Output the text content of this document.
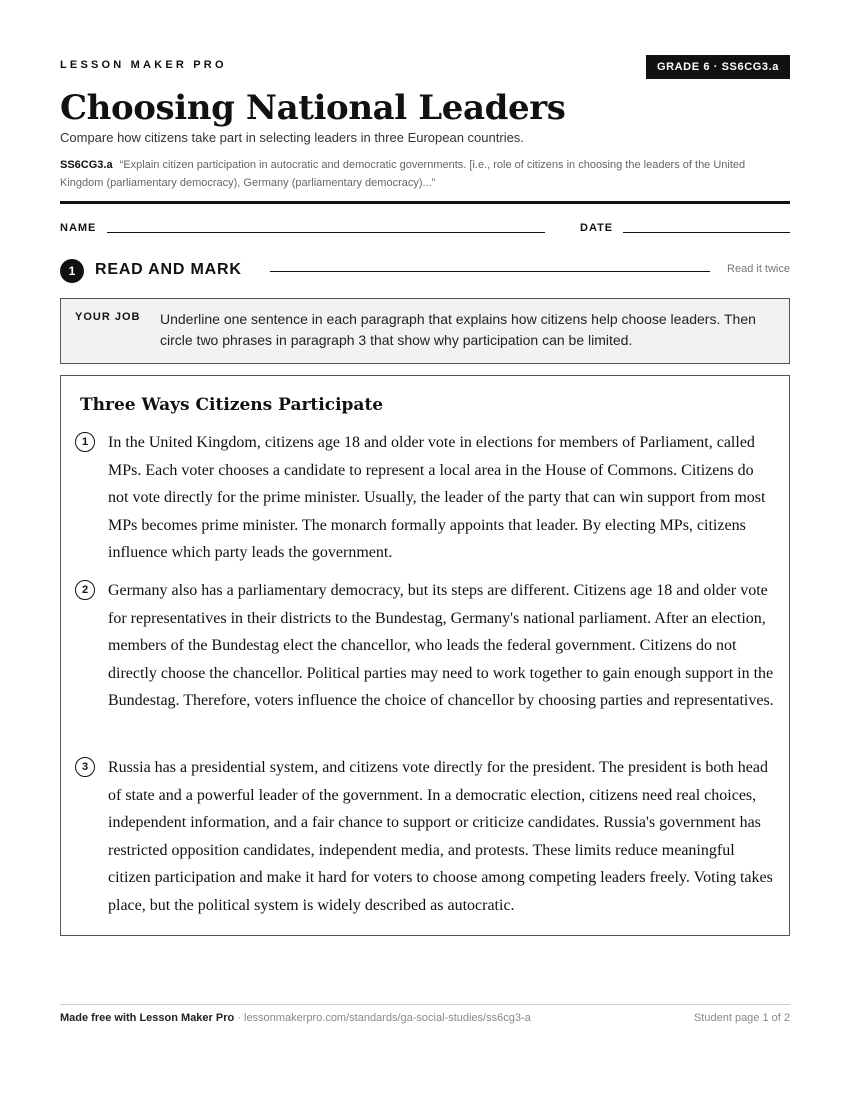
LESSON MAKER PRO	GRADE 6 · SS6CG3.a
Choosing National Leaders
Compare how citizens take part in selecting leaders in three European countries.
SS6CG3.a “Explain citizen participation in autocratic and democratic governments. [i.e., role of citizens in choosing the leaders of the United Kingdom (parliamentary democracy), Germany (parliamentary democracy)...”
NAME	DATE
1	READ AND MARK	Read it twice
YOUR JOB Underline one sentence in each paragraph that explains how citizens help choose leaders. Then circle two phrases in paragraph 3 that show why participation can be limited.
Three Ways Citizens Participate
1	In the United Kingdom, citizens age 18 and older vote in elections for members of Parliament, called MPs. Each voter chooses a candidate to represent a local area in the House of Commons. Citizens do not vote directly for the prime minister. Usually, the leader of the party that can win support from most MPs becomes prime minister. The monarch formally appoints that leader. By electing MPs, citizens influence which party leads the government.

2	Germany also has a parliamentary democracy, but its steps are different. Citizens age 18 and older vote for representatives in their districts to the Bundestag, Germany's national parliament. After an election, members of the Bundestag elect the chancellor, who leads the federal government. Citizens do not directly choose the chancellor. Political parties may need to work together to gain enough support in the Bundestag. Therefore, voters influence the choice of chancellor by choosing parties and representatives.

3	Russia has a presidential system, and citizens vote directly for the president. The president is both head of state and a powerful leader of the government. In a democratic election, citizens need real choices, independent information, and a fair chance to support or criticize candidates. Russia's government has restricted opposition candidates, independent media, and protests. These limits reduce meaningful citizen participation and make it hard for voters to choose among competing leaders freely. Voting takes place, but the political system is widely described as autocratic.

Made free with Lesson Maker Pro · lessonmakerpro.com/standards/ga-social-studies/ss6cg3-a	Student page 1 of 2
